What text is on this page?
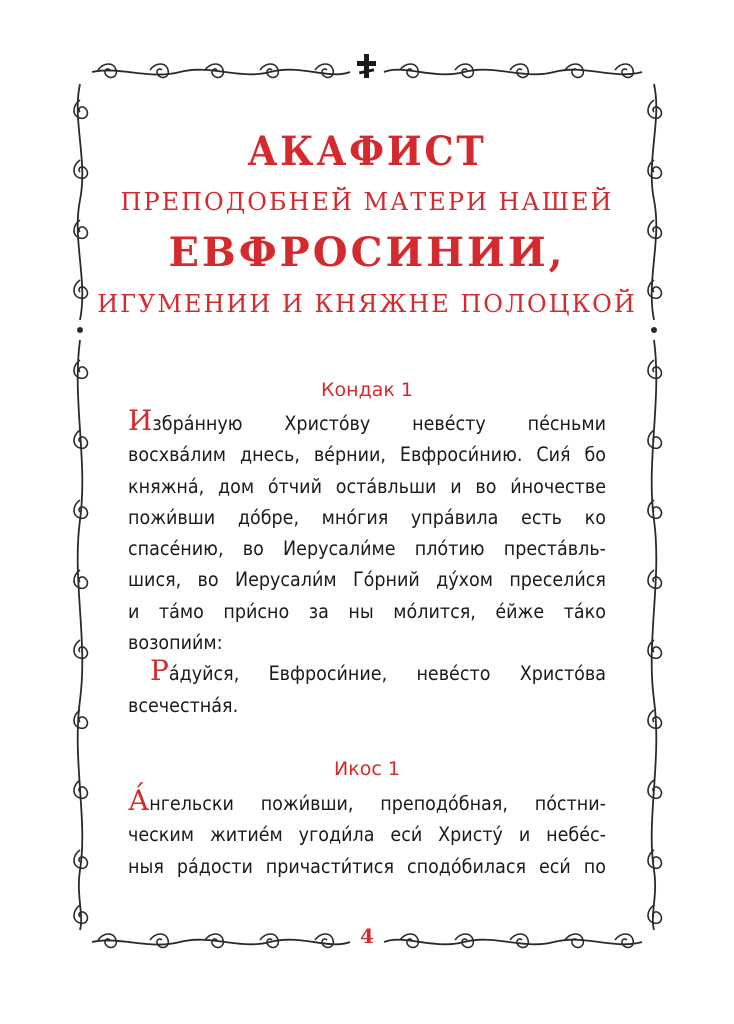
АКАФИСТ
ПРЕПОДОБНЕЙ МАТЕРИ НАШЕЙ
ЕВФРОСИНИИ,
ИГУМЕНИИ И КНЯЖНЕ ПОЛОЦКОЙ
Кондак 1
Избра́нную Христо́ву неве́сту пе́сньми
восхва́лим днесь, ве́рнии, Евфроси́нию. Сия́ бо
княжна́, дом о́тчий оста́вльши и во и́ночестве
пожи́вши до́бре, мно́гия упра́вила есть ко
спасе́нию, во Иерусали́ме пло́тию преста́вль-
шися, во Иерусали́м Го́рний ду́хом пресели́ся
и та́мо при́сно за ны мо́лится, е́йже та́ко
возопии́м:
Ра́дуйся, Евфроси́ние, неве́сто Христо́ва
всечестна́я.
Икос 1
А́нгельски пожи́вши, преподо́бная, по́стни-
ческим житие́м угоди́ла еси́ Христу́ и небе́с-
ныя ра́дости причасти́тися сподо́билася еси́ по
4
